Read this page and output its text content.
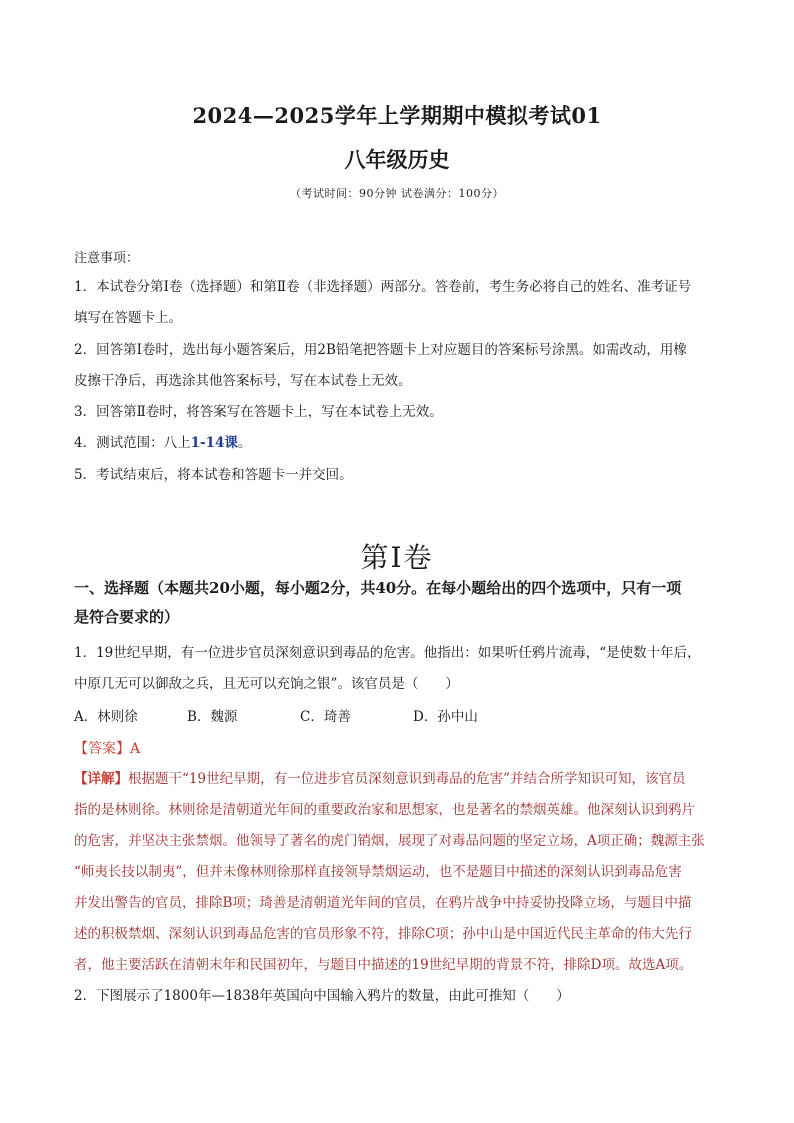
2024—2025学年上学期期中模拟考试01
八年级历史
（考试时间：90分钟 试卷满分：100分）
注意事项：
1．本试卷分第Ⅰ卷（选择题）和第Ⅱ卷（非选择题）两部分。答卷前，考生务必将自己的姓名、准考证号
填写在答题卡上。
2．回答第Ⅰ卷时，选出每小题答案后，用2B铅笔把答题卡上对应题目的答案标号涂黑。如需改动，用橡
皮擦干净后，再选涂其他答案标号，写在本试卷上无效。
3．回答第Ⅱ卷时，将答案写在答题卡上，写在本试卷上无效。
4．测试范围：八上1-14课。
5．考试结束后，将本试卷和答题卡一并交回。
第Ⅰ卷
一、选择题（本题共20小题，每小题2分，共40分。在每小题给出的四个选项中，只有一项
是符合要求的）
1．19世纪早期，有一位进步官员深刻意识到毒品的危害。他指出：如果听任鸦片流毒，“是使数十年后，
中原几无可以御敌之兵，且无可以充饷之银”。该官员是（　　）
A．林则徐	B．魏源	C．琦善	D．孙中山
【答案】A
【详解】根据题干“19世纪早期，有一位进步官员深刻意识到毒品的危害”并结合所学知识可知，该官员
指的是林则徐。林则徐是清朝道光年间的重要政治家和思想家，也是著名的禁烟英雄。他深刻认识到鸦片
的危害，并坚决主张禁烟。他领导了著名的虎门销烟，展现了对毒品问题的坚定立场，A项正确；魏源主张
“师夷长技以制夷”，但并未像林则徐那样直接领导禁烟运动，也不是题目中描述的深刻认识到毒品危害
并发出警告的官员，排除B项；琦善是清朝道光年间的官员，在鸦片战争中持妥协投降立场，与题目中描
述的积极禁烟、深刻认识到毒品危害的官员形象不符，排除C项；孙中山是中国近代民主革命的伟大先行
者，他主要活跃在清朝末年和民国初年，与题目中描述的19世纪早期的背景不符，排除D项。故选A项。
2．下图展示了1800年—1838年英国向中国输入鸦片的数量，由此可推知（　　）
